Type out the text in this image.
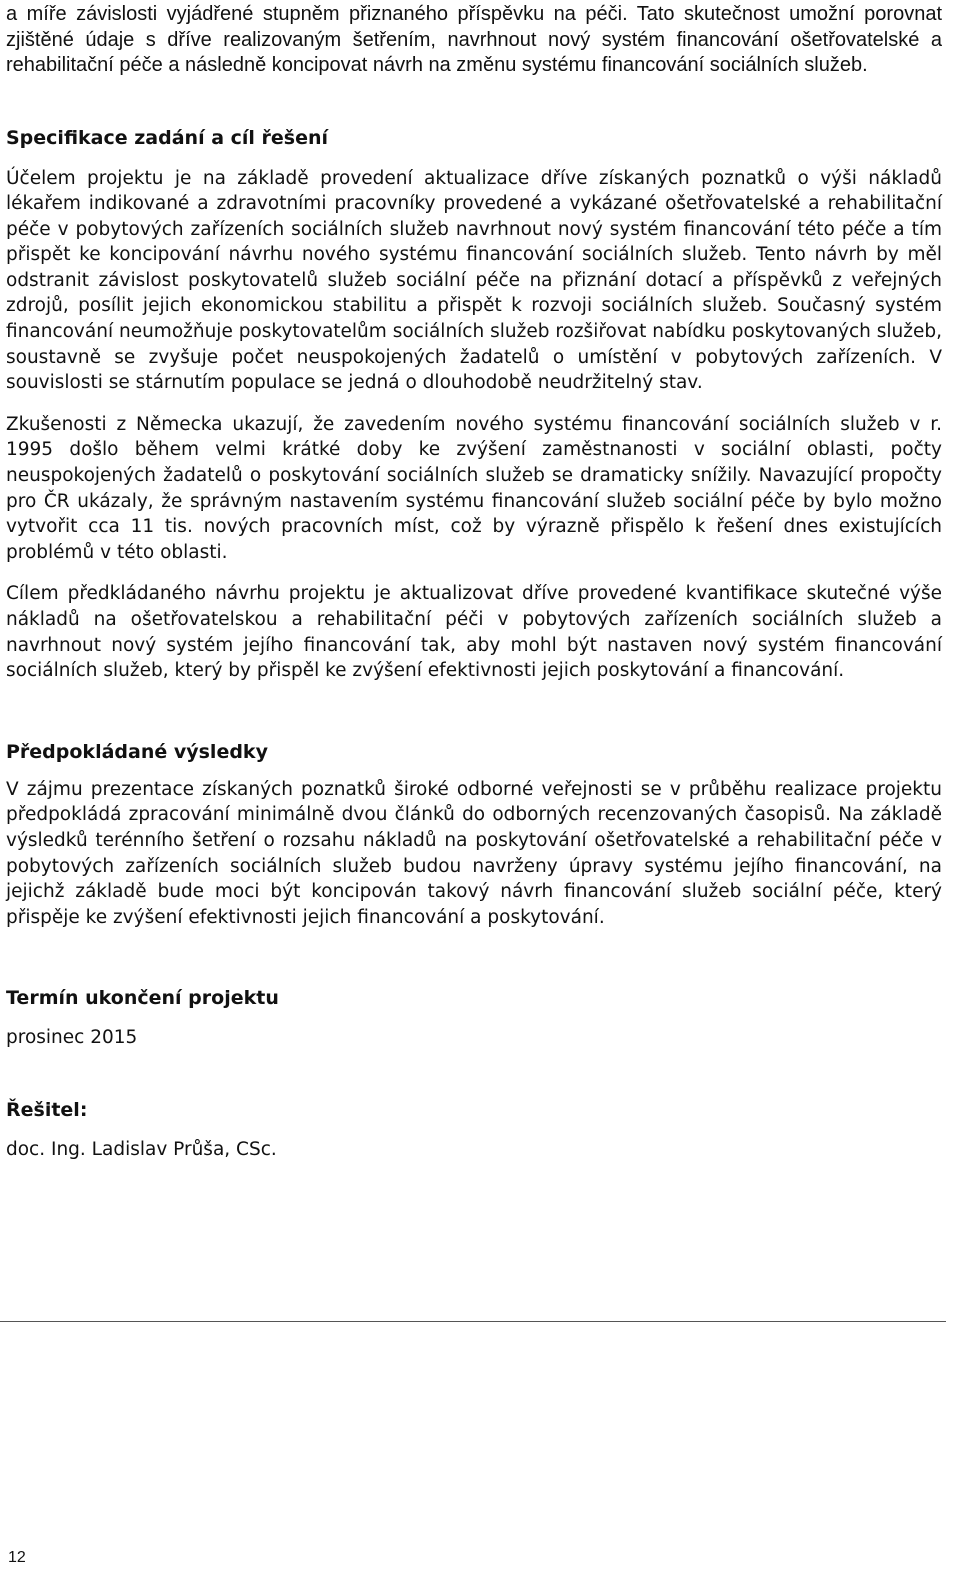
a míře závislosti vyjádřené stupněm přiznaného příspěvku na péči. Tato skutečnost umožní porovnat zjištěné údaje s dříve realizovaným šetřením, navrhnout nový systém financování ošetřovatelské a rehabilitační péče a následně koncipovat návrh na změnu systému financování sociálních služeb.

Specifikace zadání a cíl řešení

Účelem projektu je na základě provedení aktualizace dříve získaných poznatků o výši nákladů lékařem indikované a zdravotními pracovníky provedené a vykázané ošetřovatelské a rehabilitační péče v pobytových zařízeních sociálních služeb navrhnout nový systém financování této péče a tím přispět ke koncipování návrhu nového systému financování sociálních služeb. Tento návrh by měl odstranit závislost poskytovatelů služeb sociální péče na přiznání dotací a příspěvků z veřejných zdrojů, posílit jejich ekonomickou stabilitu a přispět k rozvoji sociálních služeb. Současný systém financování neumožňuje poskytovatelům sociálních služeb rozšiřovat nabídku poskytovaných služeb, soustavně se zvyšuje počet neuspokojených žadatelů o umístění v pobytových zařízeních. V souvislosti se stárnutím populace se jedná o dlouhodobě neudržitelný stav.

Zkušenosti z Německa ukazují, že zavedením nového systému financování sociálních služeb v r. 1995 došlo během velmi krátké doby ke zvýšení zaměstnanosti v sociální oblasti, počty neuspokojených žadatelů o poskytování sociálních služeb se dramaticky snížily. Navazující propočty pro ČR ukázaly, že správným nastavením systému financování služeb sociální péče by bylo možno vytvořit cca 11 tis. nových pracovních míst, což by výrazně přispělo k řešení dnes existujících problémů v této oblasti.

Cílem předkládaného návrhu projektu je aktualizovat dříve provedené kvantifikace skutečné výše nákladů na ošetřovatelskou a rehabilitační péči v pobytových zařízeních sociálních služeb a navrhnout nový systém jejího financování tak, aby mohl být nastaven nový systém financování sociálních služeb, který by přispěl ke zvýšení efektivnosti jejich poskytování a financování.

Předpokládané výsledky

V zájmu prezentace získaných poznatků široké odborné veřejnosti se v průběhu realizace projektu předpokládá zpracování minimálně dvou článků do odborných recenzovaných časopisů. Na základě výsledků terénního šetření o rozsahu nákladů na poskytování ošetřovatelské a rehabilitační péče v pobytových zařízeních sociálních služeb budou navrženy úpravy systému jejího financování, na jejichž základě bude moci být koncipován takový návrh financování služeb sociální péče, který přispěje ke zvýšení efektivnosti jejich financování a poskytování.

Termín ukončení projektu

prosinec 2015

Řešitel:

doc. Ing. Ladislav Průša, CSc.

12
